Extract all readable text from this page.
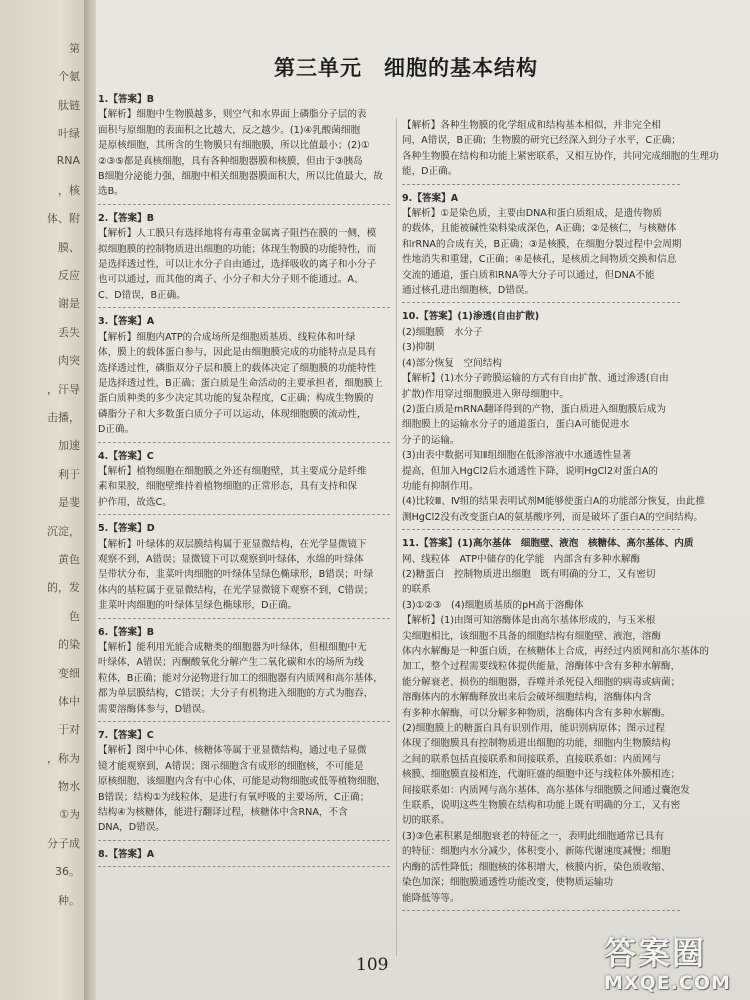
第
个氨
肽链
叶绿
RNA
，核
体、附
膜、
反应
谢是
丢失
肉突
，汗导
击播，
加速
利于
是斐
沉淀，
黄色
的，发
色
的染
变细
体中
于对
，称为
物水
①为
分子成
36。
种。
第三单元　细胞的基本结构
1.【答案】B
【解析】细胞中生物膜越多，则空气和水界面上磷脂分子层的表
面积与原细胞的表面积之比越大，反之越少。(1)④乳酸菌细胞
是原核细胞，其所含的生物膜只有细胞膜，所以比值最小；(2)①
②③⑤都是真核细胞，具有各种细胞器膜和核膜，但由于③胰岛
B细胞分泌能力强，细胞中相关细胞器膜面积大，所以比值最大，故
选B。
2.【答案】B
【解析】人工膜只有选择地将有毒重金属离子阻挡在膜的一侧，模
拟细胞膜的控制物质进出细胞的功能；体现生物膜的功能特性，而
是选择透过性，可以让水分子自由通过，选择吸收的离子和小分子
也可以通过，而其他的离子、小分子和大分子则不能通过。A、
C、D错误，B正确。
3.【答案】A
【解析】细胞内ATP的合成场所是细胞质基质、线粒体和叶绿
体，膜上的载体蛋白参与，因此是由细胞膜完成的功能特点是具有
选择透过性，磷脂双分子层和膜上的载体决定了细胞膜的功能特性
是选择透过性，B正确；蛋白质是生命活动的主要承担者，细胞膜上
蛋白质种类的多少决定其功能的复杂程度，C正确；构成生物膜的
磷脂分子和大多数蛋白质分子可以运动，体现细胞膜的流动性，
D正确。
4.【答案】C
【解析】植物细胞在细胞膜之外还有细胞壁，其主要成分是纤维
素和果胶，细胞壁维持着植物细胞的正常形态，具有支持和保
护作用，故选C。
5.【答案】D
【解析】叶绿体的双层膜结构属于亚显微结构，在光学显微镜下
观察不到，A错误；显微镜下可以观察到叶绿体，水绵的叶绿体
呈带状分布，韭菜叶肉细胞的叶绿体呈绿色椭球形，B错误；叶绿
体内的基粒属于亚显微结构，在光学显微镜下观察不到，C错误；
韭菜叶肉细胞的叶绿体呈绿色椭球形，D正确。
6.【答案】B
【解析】能利用光能合成糖类的细胞器为叶绿体，但根细胞中无
叶绿体，A错误；丙酮酸氧化分解产生二氧化碳和水的场所为线
粒体，B正确；能对分泌物进行加工的细胞器有内质网和高尔基体，
都为单层膜结构，C错误；大分子有机物进入细胞的方式为胞吞，
需要溶酶体参与，D错误。
7.【答案】C
【解析】图中中心体、核糖体等属于亚显微结构，通过电子显微
镜才能观察到，A错误；图示细胞含有成形的细胞核，不可能是
原核细胞，该细胞内含有中心体，可能是动物细胞或低等植物细胞，
B错误；结构①为线粒体，是进行有氧呼吸的主要场所，C正确；
结构④为核糖体，能进行翻译过程，核糖体中含RNA，不含
DNA，D错误。
8.【答案】A
【解析】各种生物膜的化学组成和结构基本相似，并非完全相
同，A错误，B正确；生物膜的研究已经深入到分子水平，C正确；
各种生物膜在结构和功能上紧密联系，又相互协作，共同完成细胞的生理功
能，D正确。
9.【答案】A
【解析】①是染色质，主要由DNA和蛋白质组成，是遗传物质
的载体，且能被碱性染料染成深色，A正确；②是核仁，与核糖体
和rRNA的合成有关，B正确；③是核膜，在细胞分裂过程中会周期
性地消失和重建，C正确；④是核孔，是核质之间物质交换和信息
交流的通道，蛋白质和RNA等大分子可以通过，但DNA不能
通过核孔进出细胞核，D错误。
10.【答案】(1)渗透(自由扩散)
(2)细胞膜　水分子
(3)抑制
(4)部分恢复　空间结构
【解析】(1)水分子跨膜运输的方式有自由扩散、通过渗透(自由
扩散)作用穿过细胞膜进入卵母细胞中。
(2)蛋白质是mRNA翻译得到的产物，蛋白质进入细胞膜后成为
细胞膜上的运输水分子的通道蛋白，蛋白A可能促进水
分子的运输。
(3)由表中数据可知Ⅱ组细胞在低渗溶液中水通透性显著
提高，但加入HgCl2后水通透性下降，说明HgCl2对蛋白A的
功能有抑制作用。
(4)比较Ⅲ、Ⅳ组的结果表明试剂M能够使蛋白A的功能部分恢复，由此推
测HgCl2没有改变蛋白A的氨基酸序列，而是破坏了蛋白A的空间结构。
11.【答案】(1)高尔基体　细胞壁、液泡　核糖体、高尔基体、内质
网、线粒体　ATP中储存的化学能　内部含有多种水解酶
(2)糖蛋白　控制物质进出细胞　既有明确的分工，又有密切
的联系
(3)①②③　(4)细胞质基质的pH高于溶酶体
【解析】(1)由图可知溶酶体是由高尔基体形成的，与玉米根
尖细胞相比，该细胞不具备的细胞结构有细胞壁、液泡，溶酶
体内水解酶是一种蛋白质，在核糖体上合成，再经过内质网和高尔基体的
加工，整个过程需要线粒体提供能量，溶酶体中含有多种水解酶，
能分解衰老、损伤的细胞器，吞噬并杀死侵入细胞的病毒或病菌；
溶酶体内的水解酶释放出来后会破坏细胞结构，溶酶体内含
有多种水解酶，可以分解多种物质，溶酶体内含有多种水解酶。
(2)细胞膜上的糖蛋白具有识别作用，能识别病原体；图示过程
体现了细胞膜具有控制物质进出细胞的功能，细胞内生物膜结构
之间的联系包括直接联系和间接联系，直接联系如：内质网与
核膜、细胞膜直接相连，代谢旺盛的细胞中还与线粒体外膜相连；
间接联系如：内质网与高尔基体、高尔基体与细胞膜之间通过囊泡发
生联系，说明这些生物膜在结构和功能上既有明确的分工，又有密
切的联系。
(3)③色素积累是细胞衰老的特征之一，表明此细胞通常已具有
的特征：细胞内水分减少，体积变小，新陈代谢速度减慢；细胞
内酶的活性降低；细胞核的体积增大，核膜内折，染色质收缩、
染色加深；细胞膜通透性功能改变，使物质运输功
能降低等等。
109	答案圈
MXQE.COM
